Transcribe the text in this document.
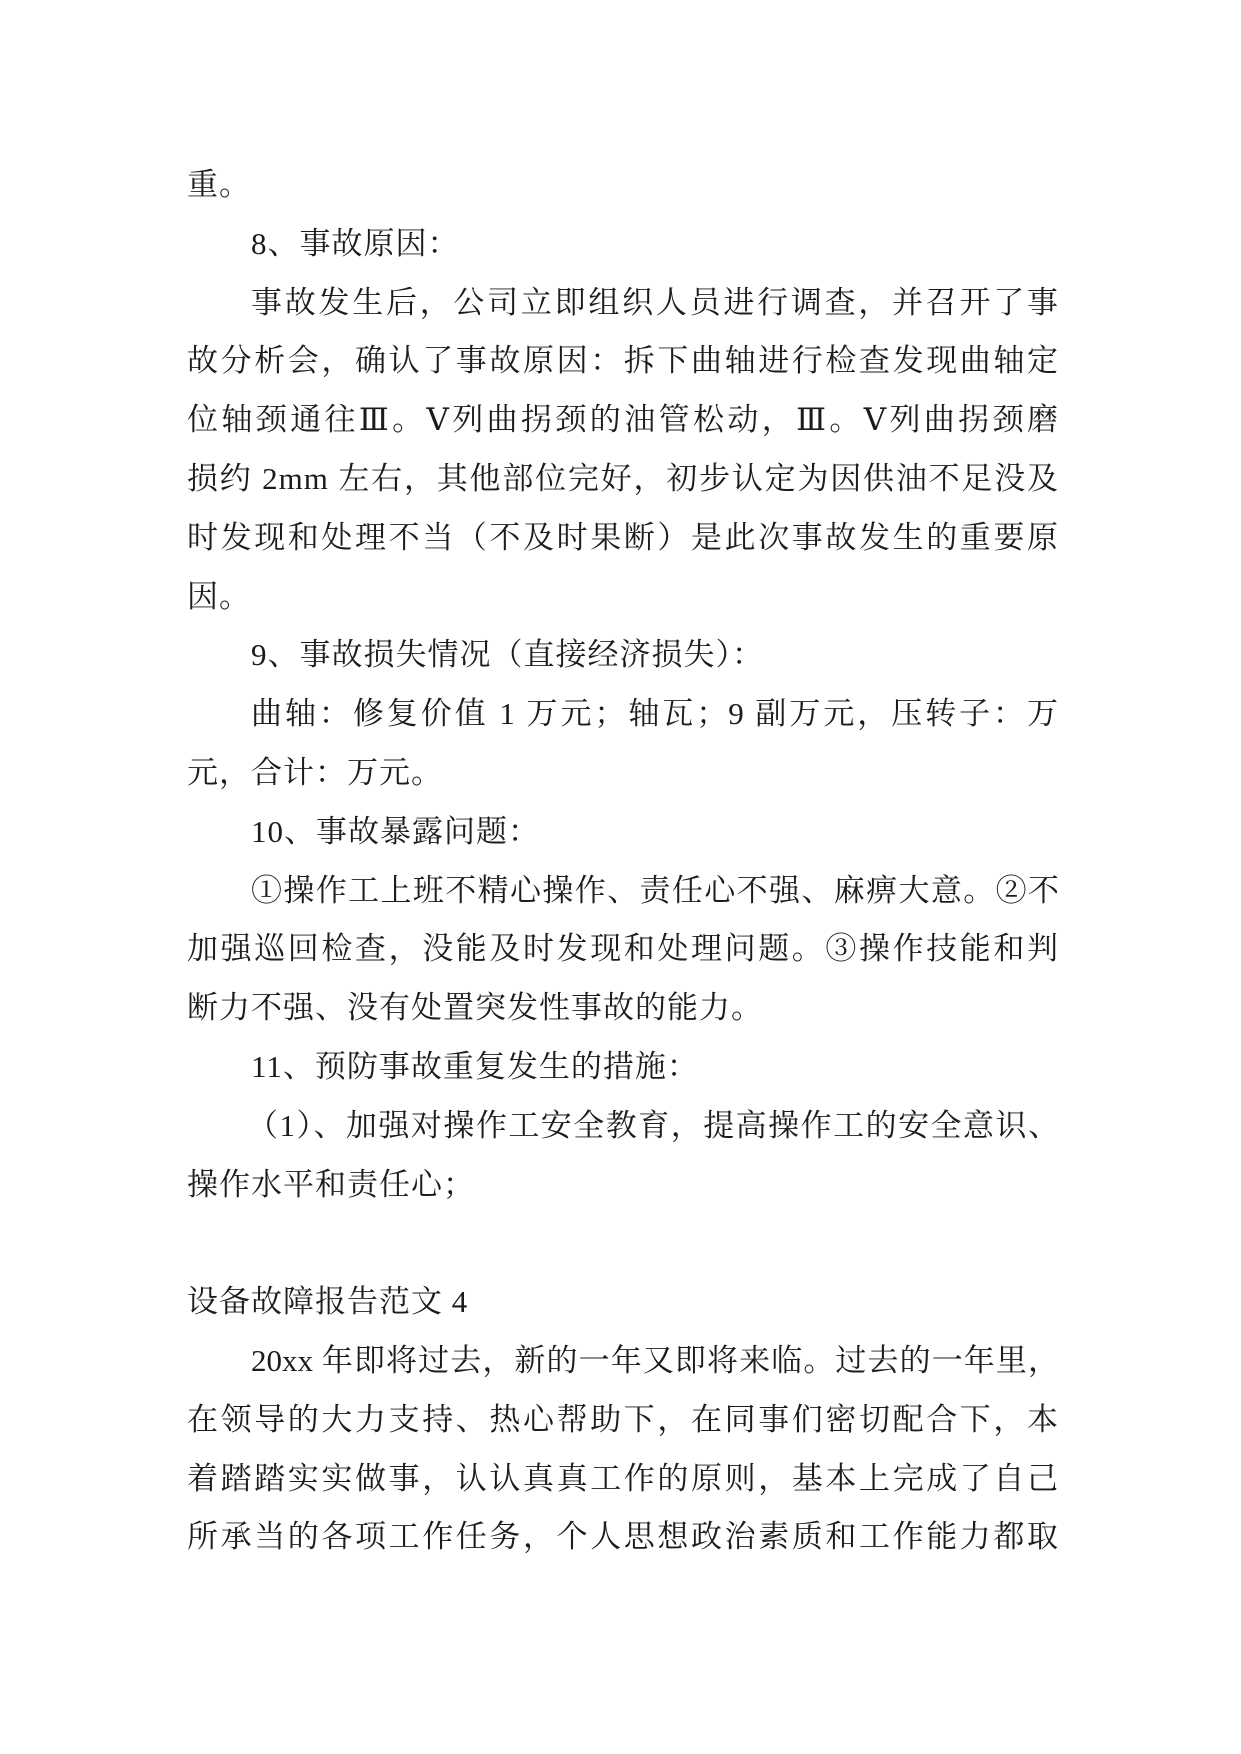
重。
8、事故原因：
事故发生后，公司立即组织人员进行调查，并召开了事
故分析会，确认了事故原因：拆下曲轴进行检查发现曲轴定
位轴颈通往Ⅲ。Ⅴ列曲拐颈的油管松动，Ⅲ。Ⅴ列曲拐颈磨
损约 2mm 左右，其他部位完好，初步认定为因供油不足没及
时发现和处理不当（不及时果断）是此次事故发生的重要原
因。
9、事故损失情况（直接经济损失）：
曲轴：修复价值 1 万元；轴瓦；9 副万元，压转子：万
元，合计：万元。
10、事故暴露问题：
①操作工上班不精心操作、责任心不强、麻痹大意。②不
加强巡回检查，没能及时发现和处理问题。③操作技能和判
断力不强、没有处置突发性事故的能力。
11、预防事故重复发生的措施：
（1）、加强对操作工安全教育，提高操作工的安全意识、
操作水平和责任心；
设备故障报告范文 4
20xx 年即将过去，新的一年又即将来临。过去的一年里，
在领导的大力支持、热心帮助下，在同事们密切配合下，本
着踏踏实实做事，认认真真工作的原则，基本上完成了自己
所承当的各项工作任务，个人思想政治素质和工作能力都取
